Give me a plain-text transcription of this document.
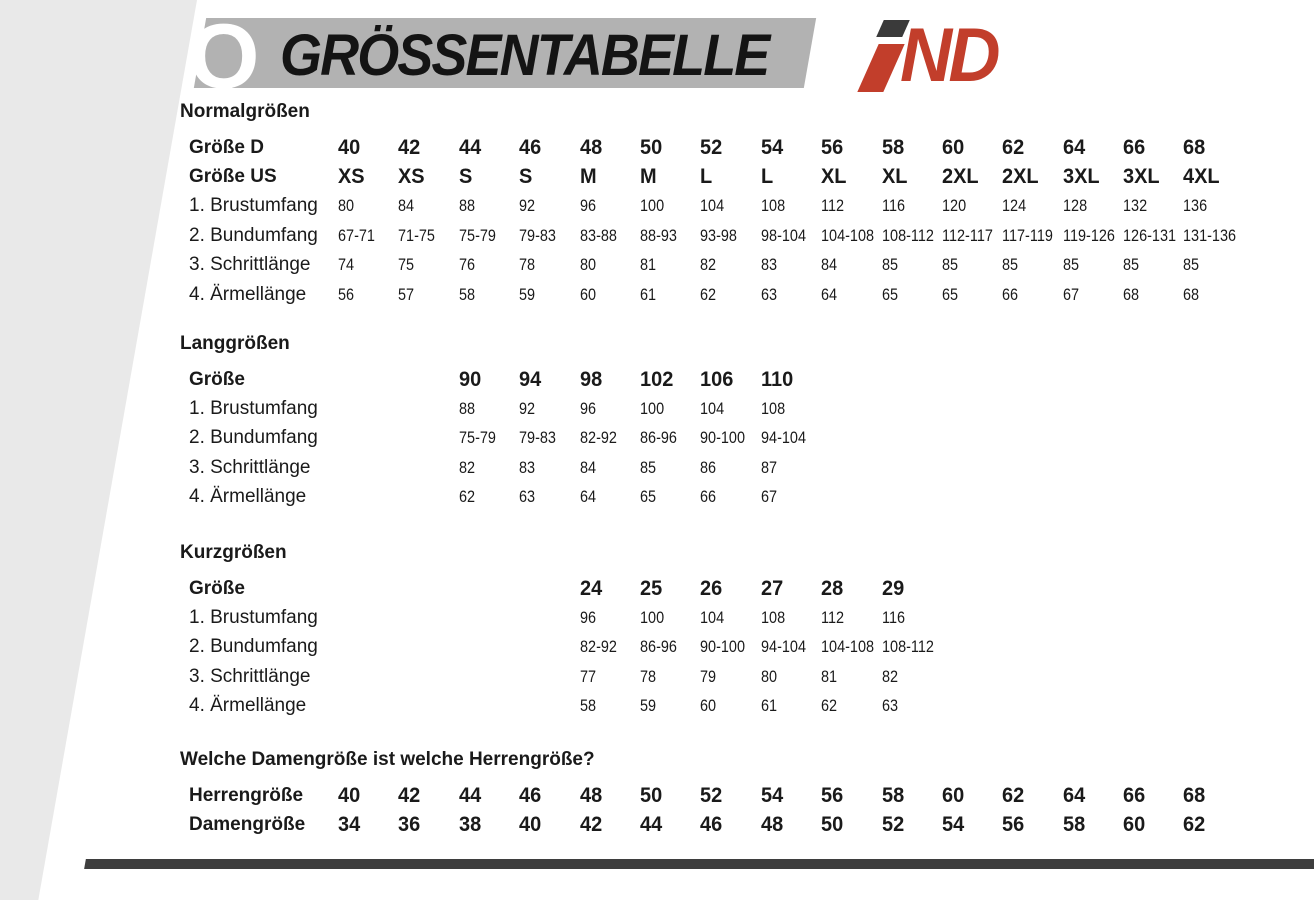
Q GRÖSSENTABELLE ND
Normalgrößen
Größe D	40	42	44	46	48	50	52	54	56	58	60	62	64	66	68
Größe US	XS	XS	S	S	M	M	L	L	XL	XL	2XL	2XL	3XL	3XL	4XL
1. Brustumfang	80	84	88	92	96	100	104	108	112	116	120	124	128	132	136
2. Bundumfang	67-71	71-75	75-79	79-83	83-88	88-93	93-98	98-104 104-108 108-112 112-117 117-119 119-126 126-131 131-136
3. Schrittlänge	74	75	76	78	80	81	82	83	84	85	85	85	85	85	85
4. Ärmellänge	56	57	58	59	60	61	62	63	64	65	65	66	67	68	68
Langgrößen
Größe	90	94	98	102	106	110
1. Brustumfang	88	92	96	100	104	108
2. Bundumfang	75-79	79-83	82-92	86-96	90-100 94-104
3. Schrittlänge	82	83	84	85	86	87
4. Ärmellänge	62	63	64	65	66	67
Kurzgrößen
Größe	24	25	26	27	28	29
1. Brustumfang	96	100	104	108	112	116
2. Bundumfang	82-92	86-96	90-100 94-104 104-108 108-112
3. Schrittlänge	77	78	79	80	81	82
4. Ärmellänge	58	59	60	61	62	63
Welche Damengröße ist welche Herrengröße?
Herrengröße	40	42	44	46	48	50	52	54	56	58	60	62	64	66	68
Damengröße	34	36	38	40	42	44	46	48	50	52	54	56	58	60	62
